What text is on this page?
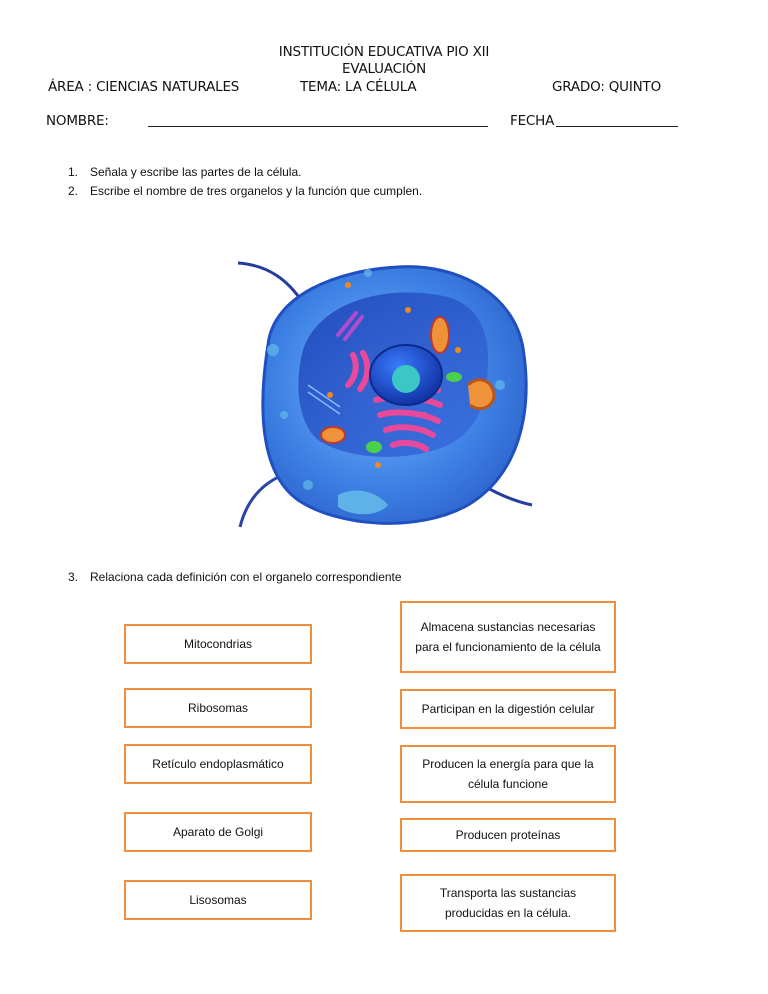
INSTITUCIÓN EDUCATIVA PIO XII
EVALUACIÓN
ÁREA : CIENCIAS NATURALES	TEMA: LA CÉLULA	GRADO: QUINTO
NOMBRE:	FECHA
1. Señala y escribe las partes de la célula.
2. Escribe el nombre de tres organelos y la función que cumplen.
3. Relaciona cada definición con el organelo correspondiente
Mitocondrias
Ribosomas
Retículo endoplasmático
Aparato de Golgi
Lisosomas
Almacena sustancias necesarias para el funcionamiento de la célula
Participan en la digestión celular
Producen la energía para que la célula funcione
Producen proteínas
Transporta las sustancias producidas en la célula.
